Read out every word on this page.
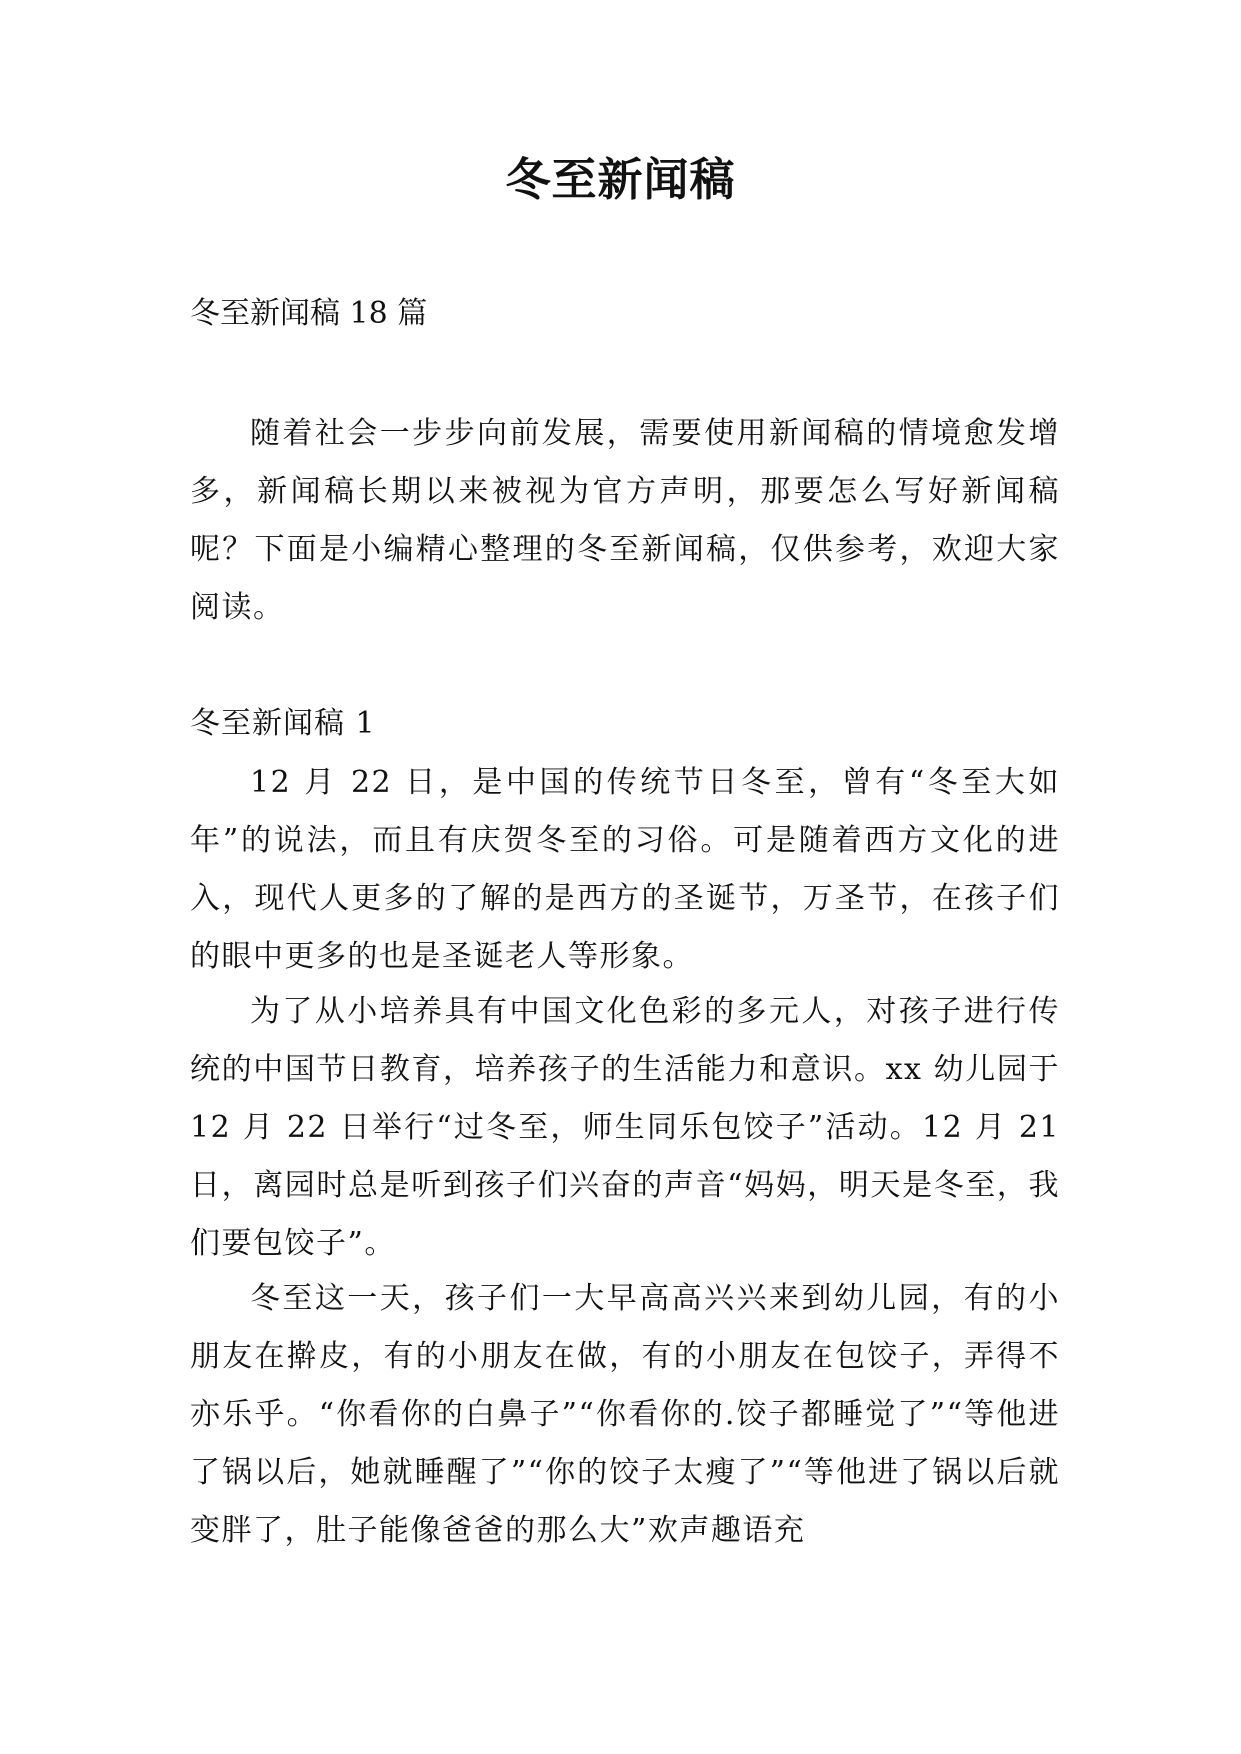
冬至新闻稿
冬至新闻稿 18 篇

随着社会一步步向前发展，需要使用新闻稿的情境愈发增多，新闻稿长期以来被视为官方声明，那要怎么写好新闻稿呢？下面是小编精心整理的冬至新闻稿，仅供参考，欢迎大家阅读。

冬至新闻稿 1

12 月 22 日，是中国的传统节日冬至，曾有“冬至大如年”的说法，而且有庆贺冬至的习俗。可是随着西方文化的进入，现代人更多的了解的是西方的圣诞节，万圣节，在孩子们的眼中更多的也是圣诞老人等形象。

为了从小培养具有中国文化色彩的多元人，对孩子进行传统的中国节日教育，培养孩子的生活能力和意识。xx 幼儿园于 12 月 22 日举行“过冬至，师生同乐包饺子”活动。12 月 21 日，离园时总是听到孩子们兴奋的声音“妈妈，明天是冬至，我们要包饺子”。

冬至这一天，孩子们一大早高高兴兴来到幼儿园，有的小朋友在擀皮，有的小朋友在做，有的小朋友在包饺子，弄得不亦乐乎。“你看你的白鼻子”“你看你的.饺子都睡觉了”“等他进了锅以后，她就睡醒了”“你的饺子太瘦了”“等他进了锅以后就变胖了，肚子能像爸爸的那么大”欢声趣语充
